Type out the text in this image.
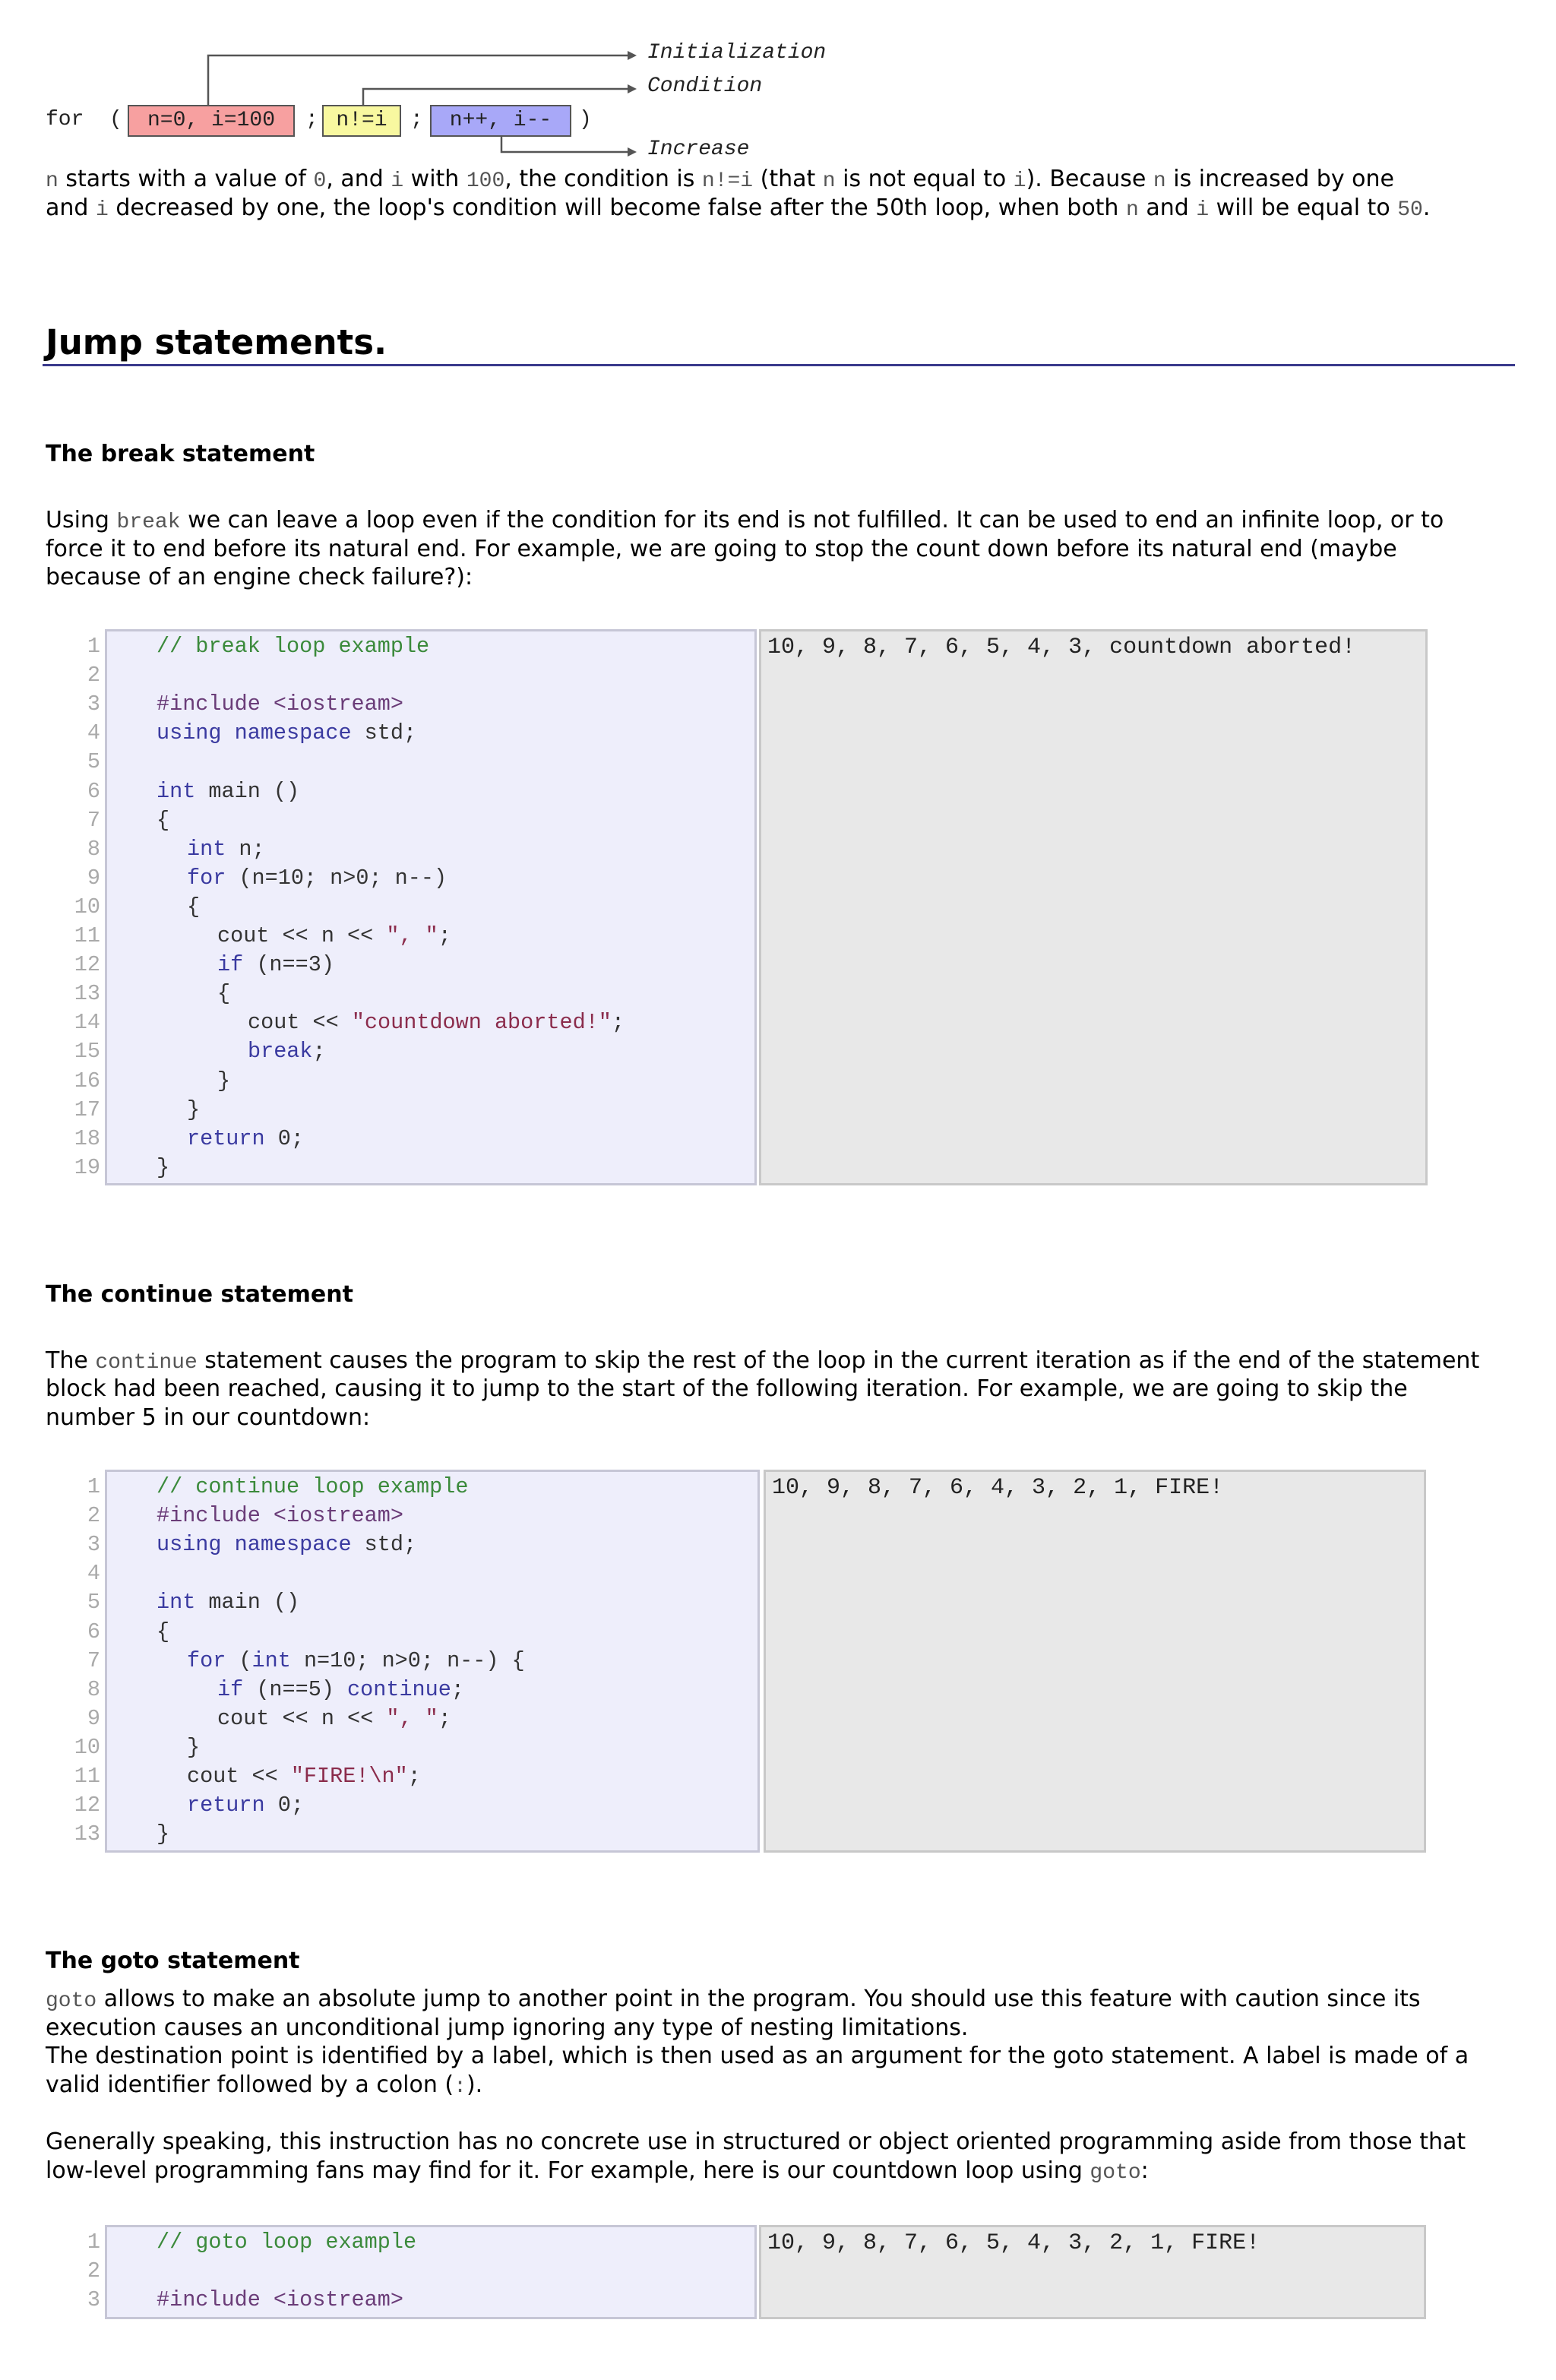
Initialization
Condition
Increase
for (	n=0, i=100	; n!=i	;	n++, i--	)
n starts with a value of 0, and i with 100, the condition is n!=i (that n is not equal to i). Because n is increased by one
and i decreased by one, the loop's condition will become false after the 50th loop, when both n and i will be equal to 50.
Jump statements.
The break statement
Using break we can leave a loop even if the condition for its end is not fulfilled. It can be used to end an infinite loop, or to
force it to end before its natural end. For example, we are going to stop the count down before its natural end (maybe
because of an engine check failure?):
10, 9, 8, 7, 6, 5, 4, 3, countdown aborted!
1
2
3
4
5
6
7
8
9
10
11
12
13
14
15
16
17
18
19
// break loop example
#include <iostream>
using namespace std;
int main ()
{
int n;
for (n=10; n>0; n--)
{
cout << n << ", ";
if (n==3)
{
cout << "countdown aborted!";
break;
}
}
return 0;
}
The continue statement
The continue statement causes the program to skip the rest of the loop in the current iteration as if the end of the statement
block had been reached, causing it to jump to the start of the following iteration. For example, we are going to skip the
number 5 in our countdown:
10, 9, 8, 7, 6, 4, 3, 2, 1, FIRE!
1
2
3
4
5
6
7
8
9
10
11
12
13
// continue loop example
#include <iostream>
using namespace std;
int main ()
{
for (int n=10; n>0; n--) {
if (n==5) continue;
cout << n << ", ";
}
cout << "FIRE!\n";
return 0;
}
The goto statement
goto allows to make an absolute jump to another point in the program. You should use this feature with caution since its
execution causes an unconditional jump ignoring any type of nesting limitations.
The destination point is identified by a label, which is then used as an argument for the goto statement. A label is made of a
valid identifier followed by a colon (:).
Generally speaking, this instruction has no concrete use in structured or object oriented programming aside from those that
low-level programming fans may find for it. For example, here is our countdown loop using goto:
10, 9, 8, 7, 6, 5, 4, 3, 2, 1, FIRE!
1
2
3
// goto loop example
#include <iostream>
